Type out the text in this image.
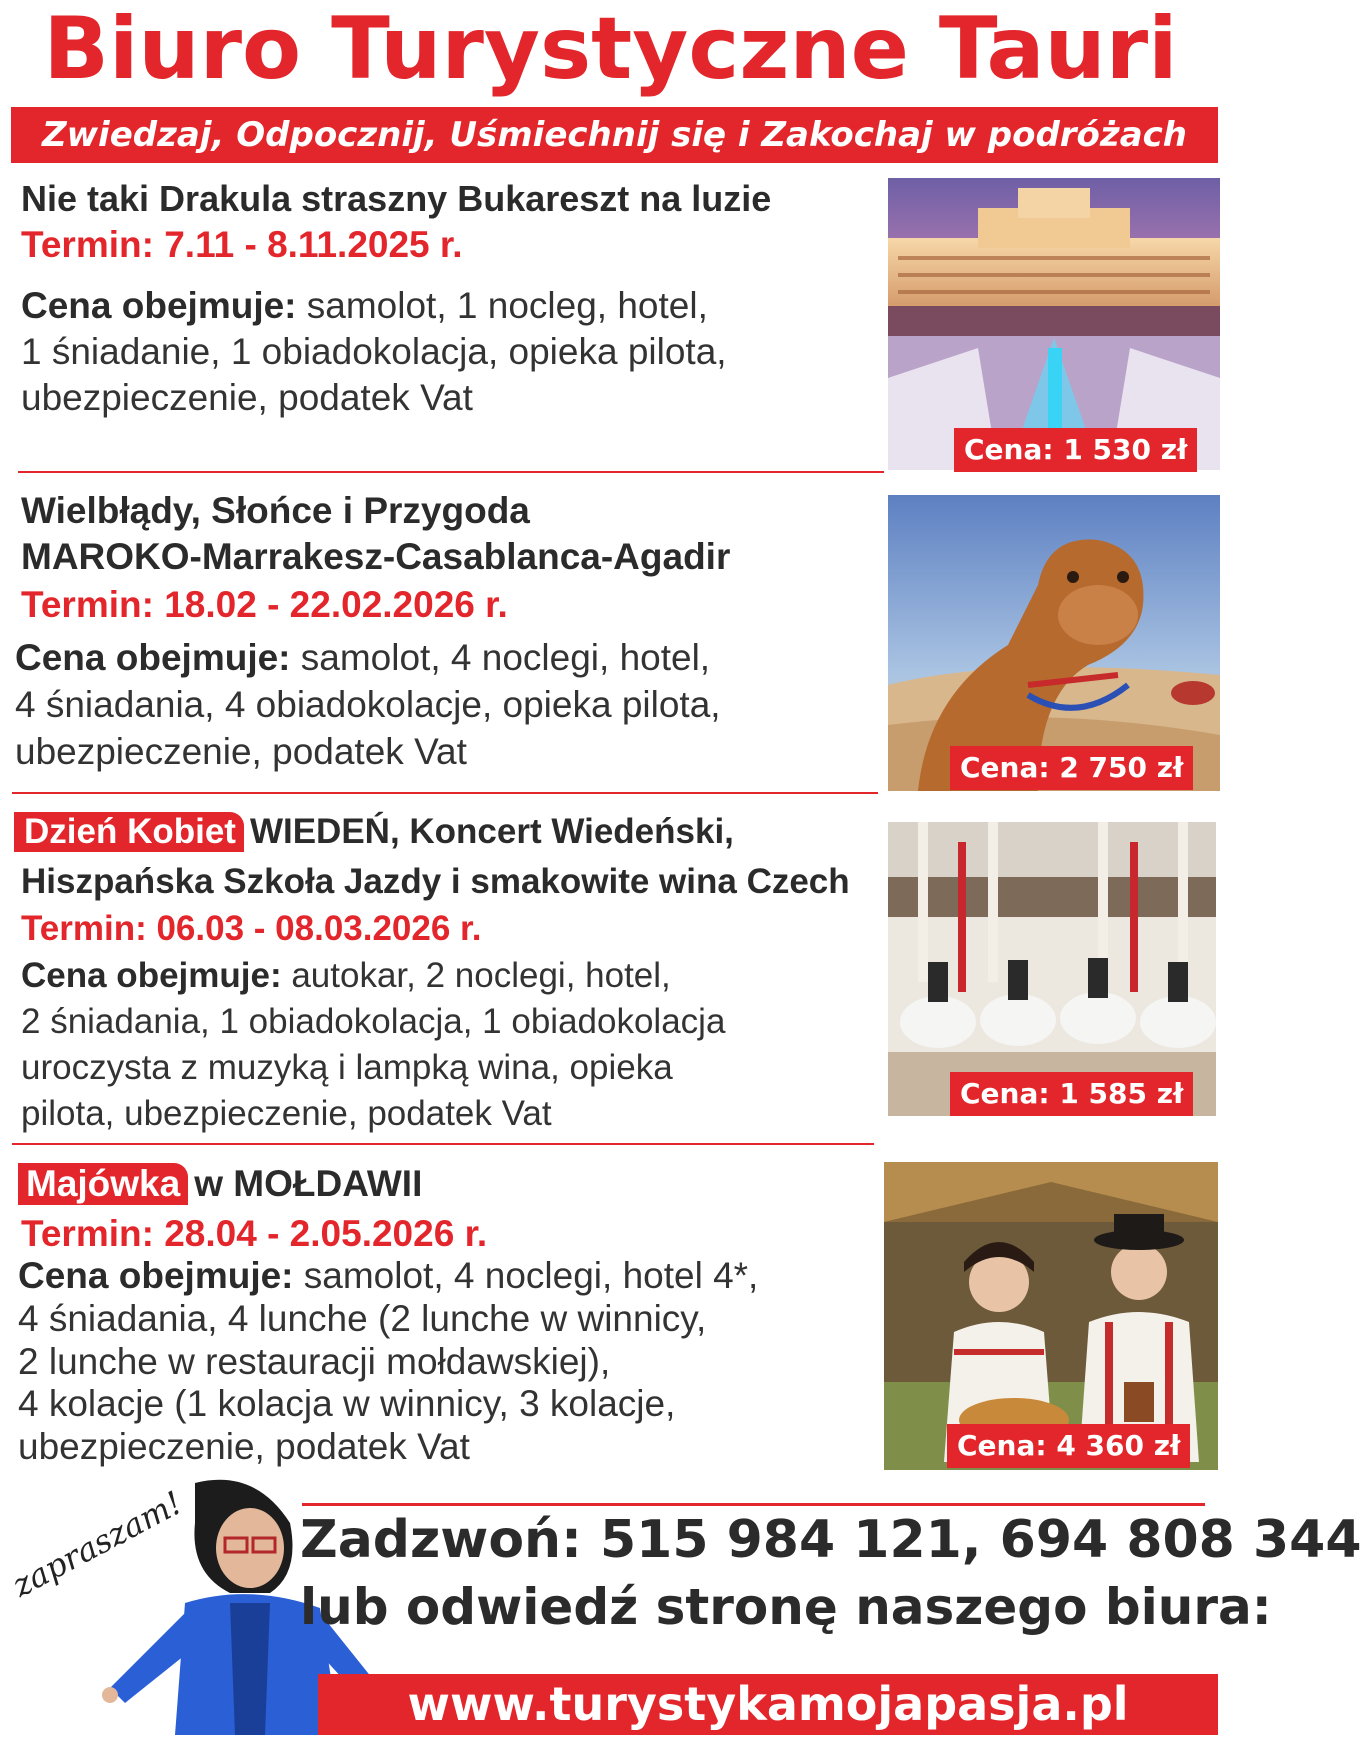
Biuro Turystyczne Tauri
Zwiedzaj, Odpocznij, Uśmiechnij się i Zakochaj w podróżach
Nie taki Drakula straszny Bukareszt na luzie
Termin: 7.11 - 8.11.2025 r.
Cena obejmuje: samolot, 1 nocleg, hotel,
1 śniadanie, 1 obiadokolacja, opieka pilota,
ubezpieczenie, podatek Vat
Cena: 1 530 zł
Wielbłądy, Słońce i Przygoda
MAROKO-Marrakesz-Casablanca-Agadir
Termin: 18.02 - 22.02.2026 r.
Cena obejmuje: samolot, 4 noclegi, hotel,
4 śniadania, 4 obiadokolacje, opieka pilota,
ubezpieczenie, podatek Vat	Cena: 2 750 zł
Dzień Kobiet WIEDEŃ, Koncert Wiedeński,
Hiszpańska Szkoła Jazdy i smakowite wina Czech
Termin: 06.03 - 08.03.2026 r.
Cena obejmuje: autokar, 2 noclegi, hotel,
2 śniadania, 1 obiadokolacja, 1 obiadokolacja
uroczysta z muzyką i lampką wina, opieka
pilota, ubezpieczenie, podatek Vat
Cena: 1 585 zł
Majówka w MOŁDAWII
Termin: 28.04 - 2.05.2026 r.
Cena obejmuje: samolot, 4 noclegi, hotel 4*,
4 śniadania, 4 lunche (2 lunche w winnicy,
2 lunche w restauracji mołdawskiej),
4 kolacje (1 kolacja w winnicy, 3 kolacje,
ubezpieczenie, podatek Vat	Cena: 4 360 zł
zapraszam! Zadzwoń: 515 984 121, 694 808 344
lub odwiedź stronę naszego biura:
www.turystykamojapasja.pl
